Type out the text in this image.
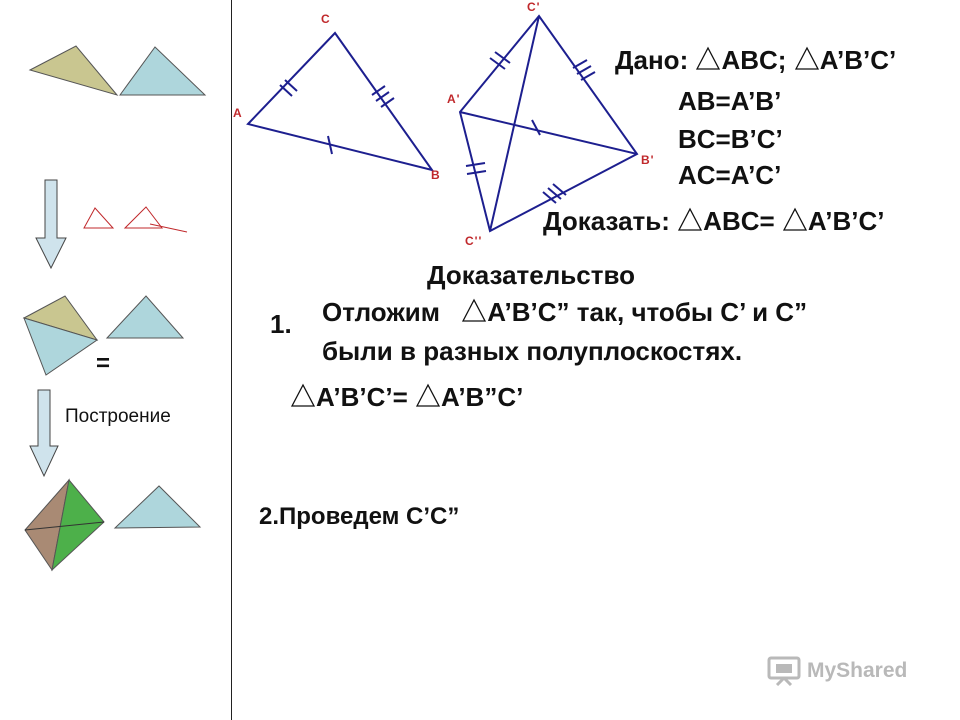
=
Построение
A
B
C
A'
B'
C'
C''
Дано: ABC; A’B’C’
AB=A’B’
BC=B’C’
AC=A’C’
Доказать: ABC= A’B’C’
Доказательство
1. Отложим A’B’C” так, чтобы С’ и С”
были в разных полуплоскостях.
A’B’C’= A’B”C’
2.Проведем С’С”
MyShared
